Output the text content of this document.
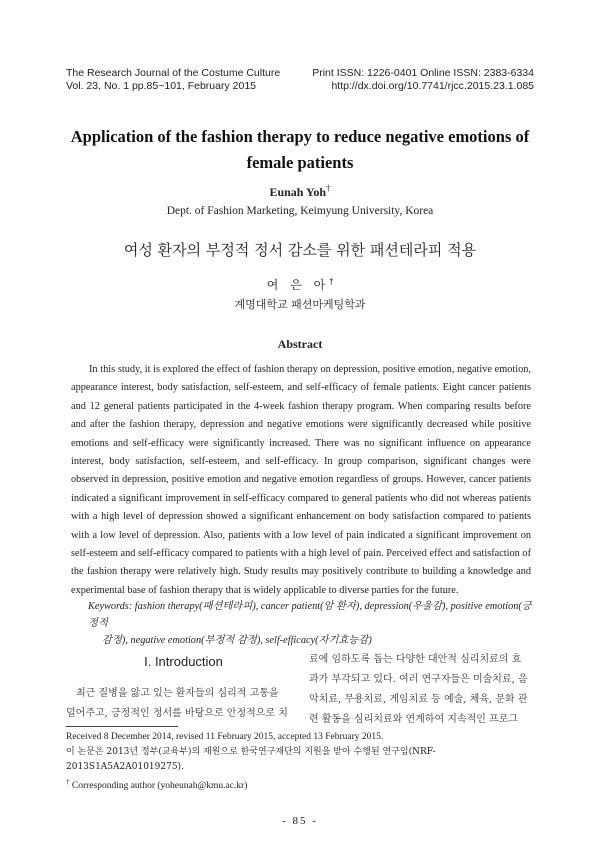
The Research Journal of the Costume Culture
Vol. 23, No. 1 pp.85~101, February 2015
Print ISSN: 1226-0401 Online ISSN: 2383-6334
http://dx.doi.org/10.7741/rjcc.2015.23.1.085
Application of the fashion therapy to reduce negative emotions of
female patients
Eunah Yoh†
Dept. of Fashion Marketing, Keimyung University, Korea
여성 환자의 부정적 정서 감소를 위한 패션테라피 적용
여 은 아†
계명대학교 패션마케팅학과
Abstract
In this study, it is explored the effect of fashion therapy on depression, positive emotion, negative emotion, appearance interest, body satisfaction, self-esteem, and self-efficacy of female patients. Eight cancer patients and 12 general patients participated in the 4-week fashion therapy program. When comparing results before and after the fashion therapy, depression and negative emotions were significantly decreased while positive emotions and self-efficacy were significantly increased. There was no significant influence on appearance interest, body satisfaction, self-esteem, and self-efficacy. In group comparison, significant changes were observed in depression, positive emotion and negative emotion regardless of groups. However, cancer patients indicated a significant improvement in self-efficacy compared to general patients who did not whereas patients with a high level of depression showed a significant enhancement on body satisfaction compared to patients with a low level of depression. Also, patients with a low level of pain indicated a significant improvement on self-esteem and self-efficacy compared to patients with a high level of pain. Perceived effect and satisfaction of the fashion therapy were relatively high. Study results may positively contribute to building a knowledge and experimental base of fashion therapy that is widely applicable to diverse parties for the future.
Keywords: fashion therapy(패션테라피), cancer patient(암 환자), depression(우울감), positive emotion(긍정적
감정), negative emotion(부정적 감정), self-efficacy(자기효능감)
I. Introduction
최근 질병을 앓고 있는 환자들의 심리적 고통을
덜어주고, 긍정적인 정서를 바탕으로 안정적으로 치
료에 임하도록 돕는 다양한 대안적 심리치료의 효
과가 부각되고 있다. 여러 연구자들은 미술치료, 음
악치료, 무용치료, 게임치료 등 예술, 체육, 문화 관
련 활동을 심리치료와 연계하여 지속적인 프로그
Received 8 December 2014, revised 11 February 2015, accepted 13 February 2015.
이 논문은 2013년 정부(교육부)의 재원으로 한국연구재단의 지원을 받아 수행된 연구임(NRF-2013S1A5A2A01019275).
† Corresponding author (yoheunah@kmu.ac.kr)
- 85 -
